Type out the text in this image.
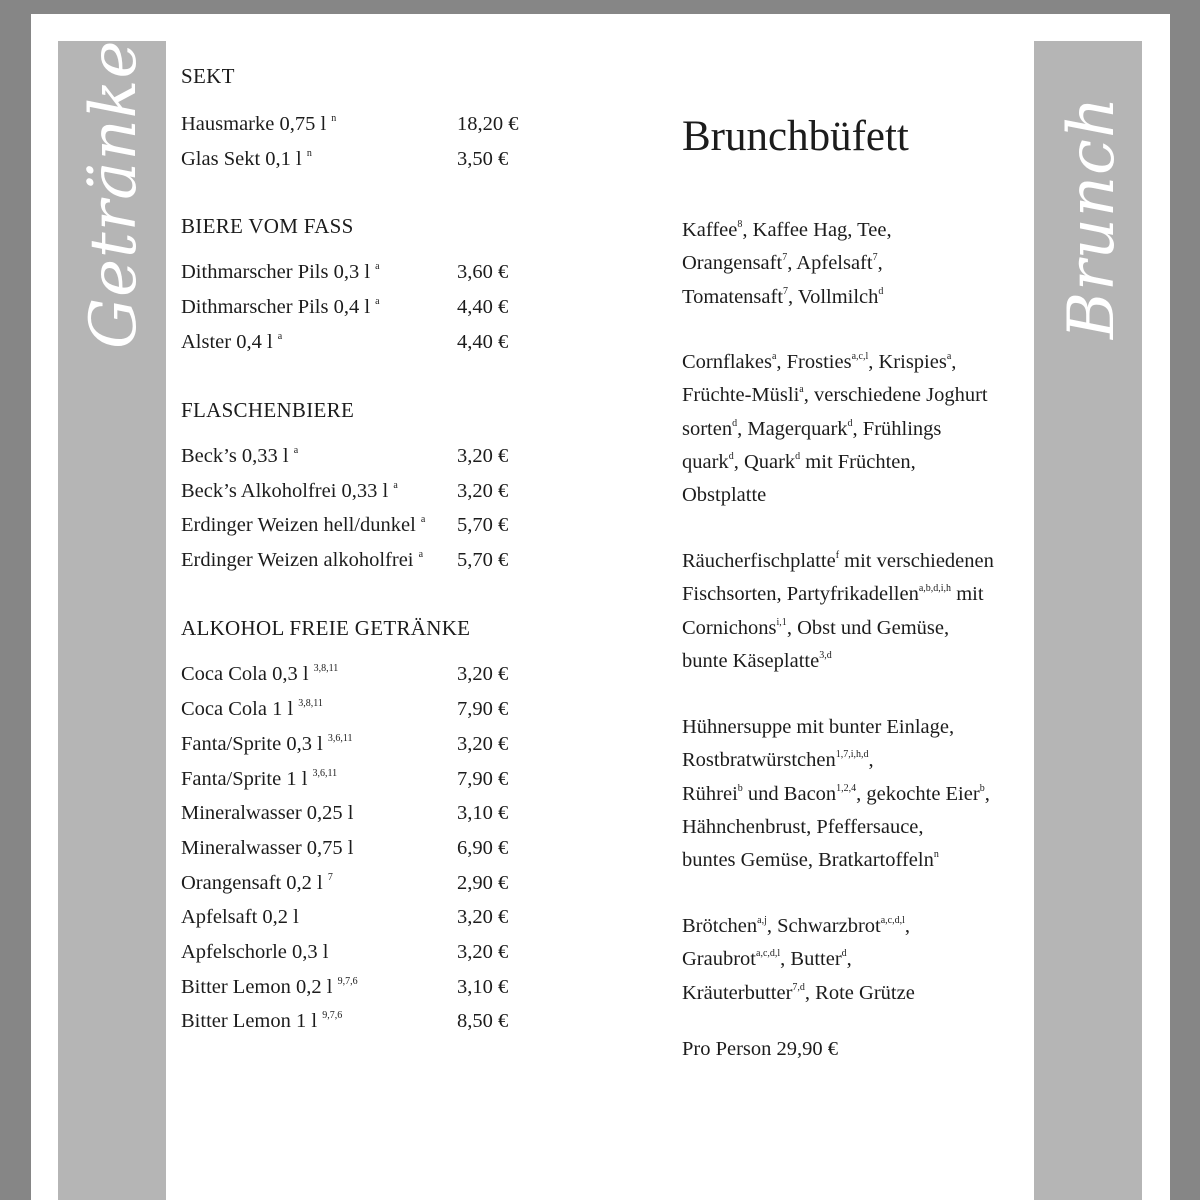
Getränke	Brunch
SEKT
BIERE VOM FASS
FLASCHENBIERE
ALKOHOL FREIE GETRÄNKE
Hausmarke 0,75 l $^n$	18,20 €
Glas Sekt 0,1 l $^n$	3,50 €
Dithmarscher Pils 0,3 l $^a$	3,60 €
Dithmarscher Pils 0,4 l $^a$	4,40 €
Alster 0,4 l $^a$	4,40 €
Beck’s 0,33 l $^a$	3,20 €
Beck’s Alkoholfrei 0,33 l $^a$	3,20 €
Erdinger Weizen hell/dunkel $^a$ 5,70 €
Erdinger Weizen alkoholfrei $^a$ 5,70 €
Coca Cola 0,3 l $^{3,8,11}$	3,20 €
Coca Cola 1 l $^{3,8,11}$	7,90 €
Fanta/Sprite 0,3 l $^{3,6,11}$	3,20 €
Fanta/Sprite 1 l $^{3,6,11}$	7,90 €
Mineralwasser 0,25 l	3,10 €
Mineralwasser 0,75 l	6,90 €
Orangensaft 0,2 l $^7$	2,90 €
Apfelsaft 0,2 l	3,20 €
Apfelschorle 0,3 l	3,20 €
Bitter Lemon 0,2 l $^{9,7,6}$	3,10 €
Bitter Lemon 1 l $^{9,7,6}$	8,50 €
Brunchbüfett
Kaffee$^8$, Kaffee Hag, Tee,
Orangensaft$^7$, Apfelsaft$^7$,
Tomatensaft$^7$, Vollmilch$^d$
Cornflakes$^a$, Frosties$^{a,c,l}$, Krispies$^a$,
Früchte-Müsli$^a$, verschiedene Joghurt
sorten$^d$, Magerquark$^d$, Frühlings
quark$^d$, Quark$^d$ mit Früchten,
Obstplatte
Räucherfischplatte$^f$ mit verschiedenen
Fischsorten, Partyfrikadellen$^{a,b,d,i,h}$ mit
Cornichons$^{i,1}$, Obst und Gemüse,
bunte Käseplatte$^{3,d}$
Hühnersuppe mit bunter Einlage,
Rostbratwürstchen$^{1,7,i,h,d}$,
Rührei$^b$ und Bacon$^{1,2,4}$, gekochte Eier$^b$,
Hähnchenbrust, Pfeffersauce,
buntes Gemüse, Bratkartoffeln$^n$
Brötchen$^{a,j}$, Schwarzbrot$^{a,c,d,l}$,
Graubrot$^{a,c,d,l}$, Butter$^d$,
Kräuterbutter$^{7,d}$, Rote Grütze
Pro Person 29,90 €
